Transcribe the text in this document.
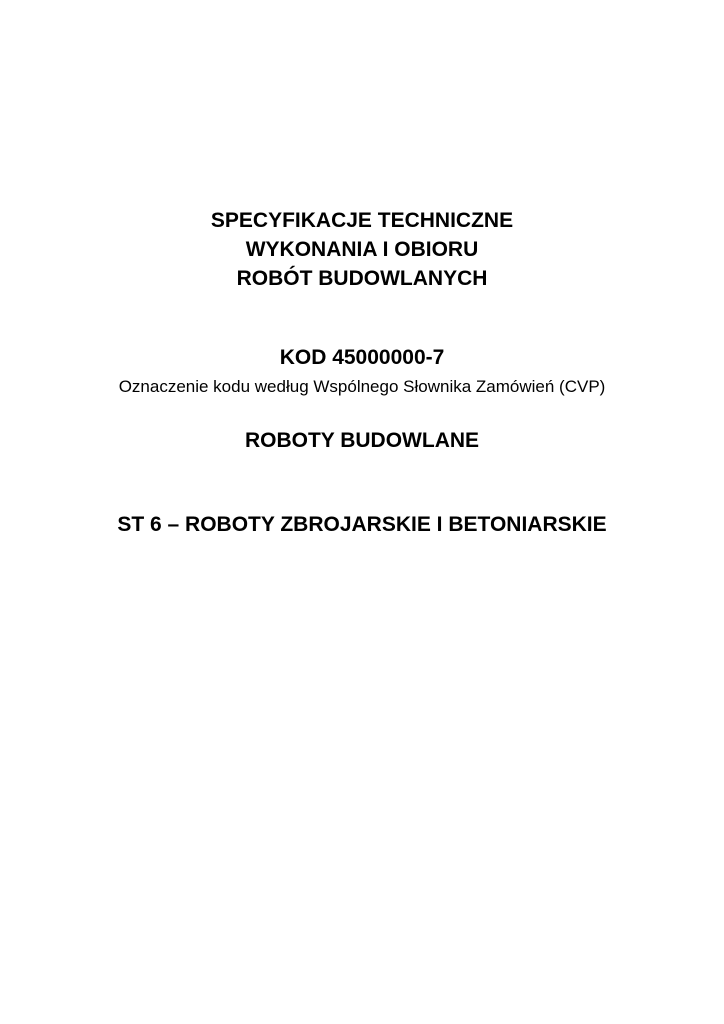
SPECYFIKACJE TECHNICZNE
WYKONANIA I OBIORU
ROBÓT BUDOWLANYCH
KOD 45000000-7
Oznaczenie kodu według Wspólnego Słownika Zamówień (CVP)
ROBOTY BUDOWLANE
ST 6 – ROBOTY ZBROJARSKIE I BETONIARSKIE
